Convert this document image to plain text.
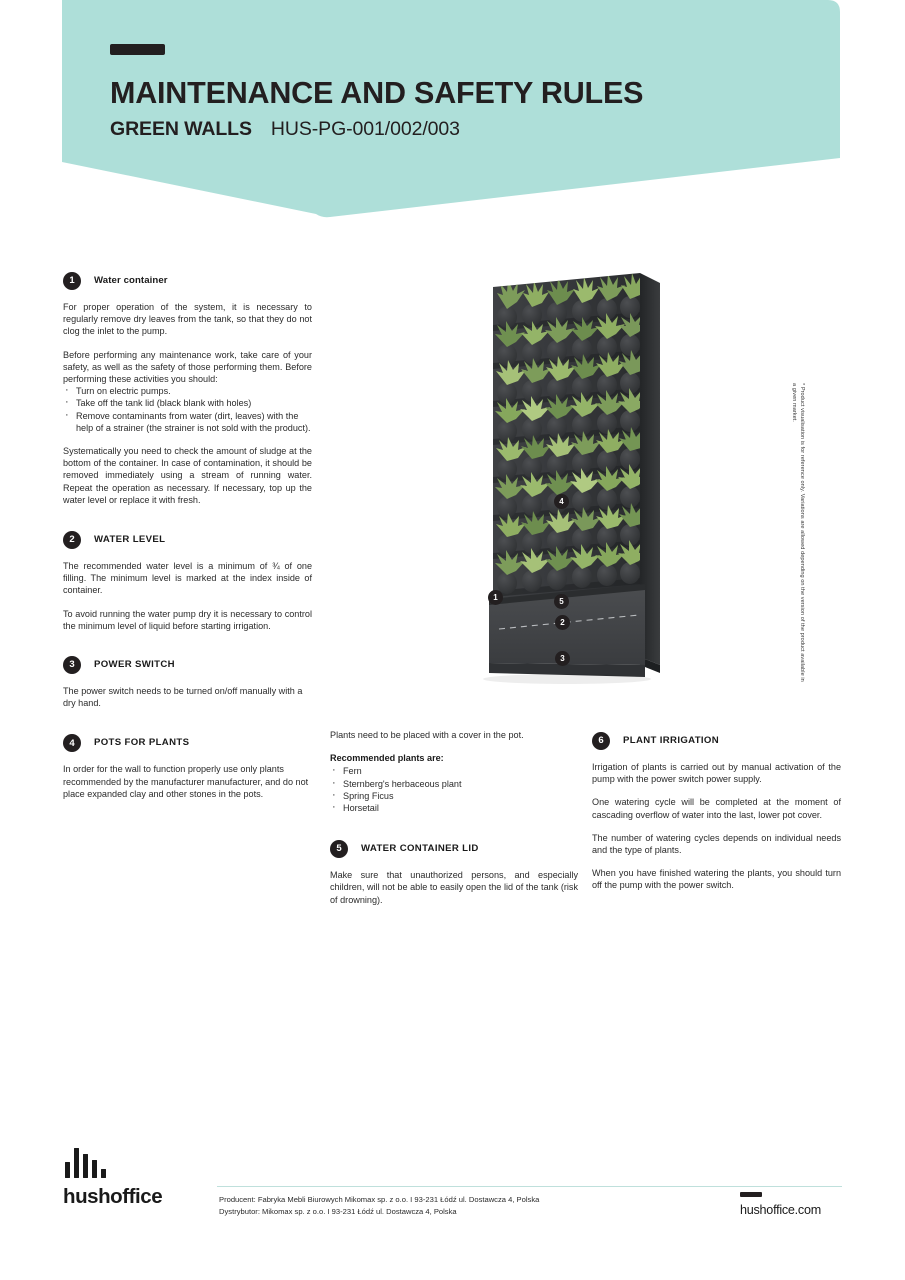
MAINTENANCE AND SAFETY RULES
GREEN WALLS HUS-PG-001/002/003
1	Water container

For proper operation of the system, it is necessary to regularly remove dry leaves from the tank, so that they do not clog the inlet to the pump.

Before performing any maintenance work, take care of your safety, as well as the safety of those performing them. Before performing these activities you should:

· Turn on electric pumps.
· Take off the tank lid (black blank with holes)
· Remove contaminants from water (dirt, leaves) with the help of a strainer (the strainer is not sold with the product).

Systematically you need to check the amount of sludge at the bottom of the container. In case of contamination, it should be removed immediately using a stream of running water. Repeat the operation as necessary. If necessary, top up the water level or replace it with fresh.

2	WATER LEVEL

The recommended water level is a minimum of ¾ of one filling. The minimum level is marked at the index inside of container.

To avoid running the water pump dry it is necessary to control the minimum level of liquid before starting irrigation.

3	POWER SWITCH

The power switch needs to be turned on/off manually with a dry hand.

4	POTS FOR PLANTS

In order for the wall to function properly use only plants recommended by the manufacturer manufacturer, and do not place expanded clay and other stones in the pots.

Plants need to be placed with a cover in the pot.

Recommended plants are:
· Fern
· Sternberg's herbaceous plant
· Spring Ficus
· Horsetail
5	WATER CONTAINER LID

Make sure that unauthorized persons, and especially children, will not be able to easily open the lid of the tank (risk of drowning).

6	PLANT IRRIGATION

Irrigation of plants is carried out by manual activation of the pump with the power switch power supply.

One watering cycle will be completed at the moment of cascading overflow of water into the last, lower pot cover.

The number of watering cycles depends on individual needs and the type of plants.

When you have finished watering the plants, you should turn off the pump with the power switch.

1
2
3
4
5	* Product visualisation is for reference only. Variations are allowed depending on the version of the product available in a given market.
hushoffice	Producent: Fabryka Mebli Biurowych Mikomax sp. z o.o. I 93-231 Łódź ul. Dostawcza 4, Polska
Dystrybutor: Mikomax sp. z o.o. I 93-231 Łódź ul. Dostawcza 4, Polska	hushoffice.com
